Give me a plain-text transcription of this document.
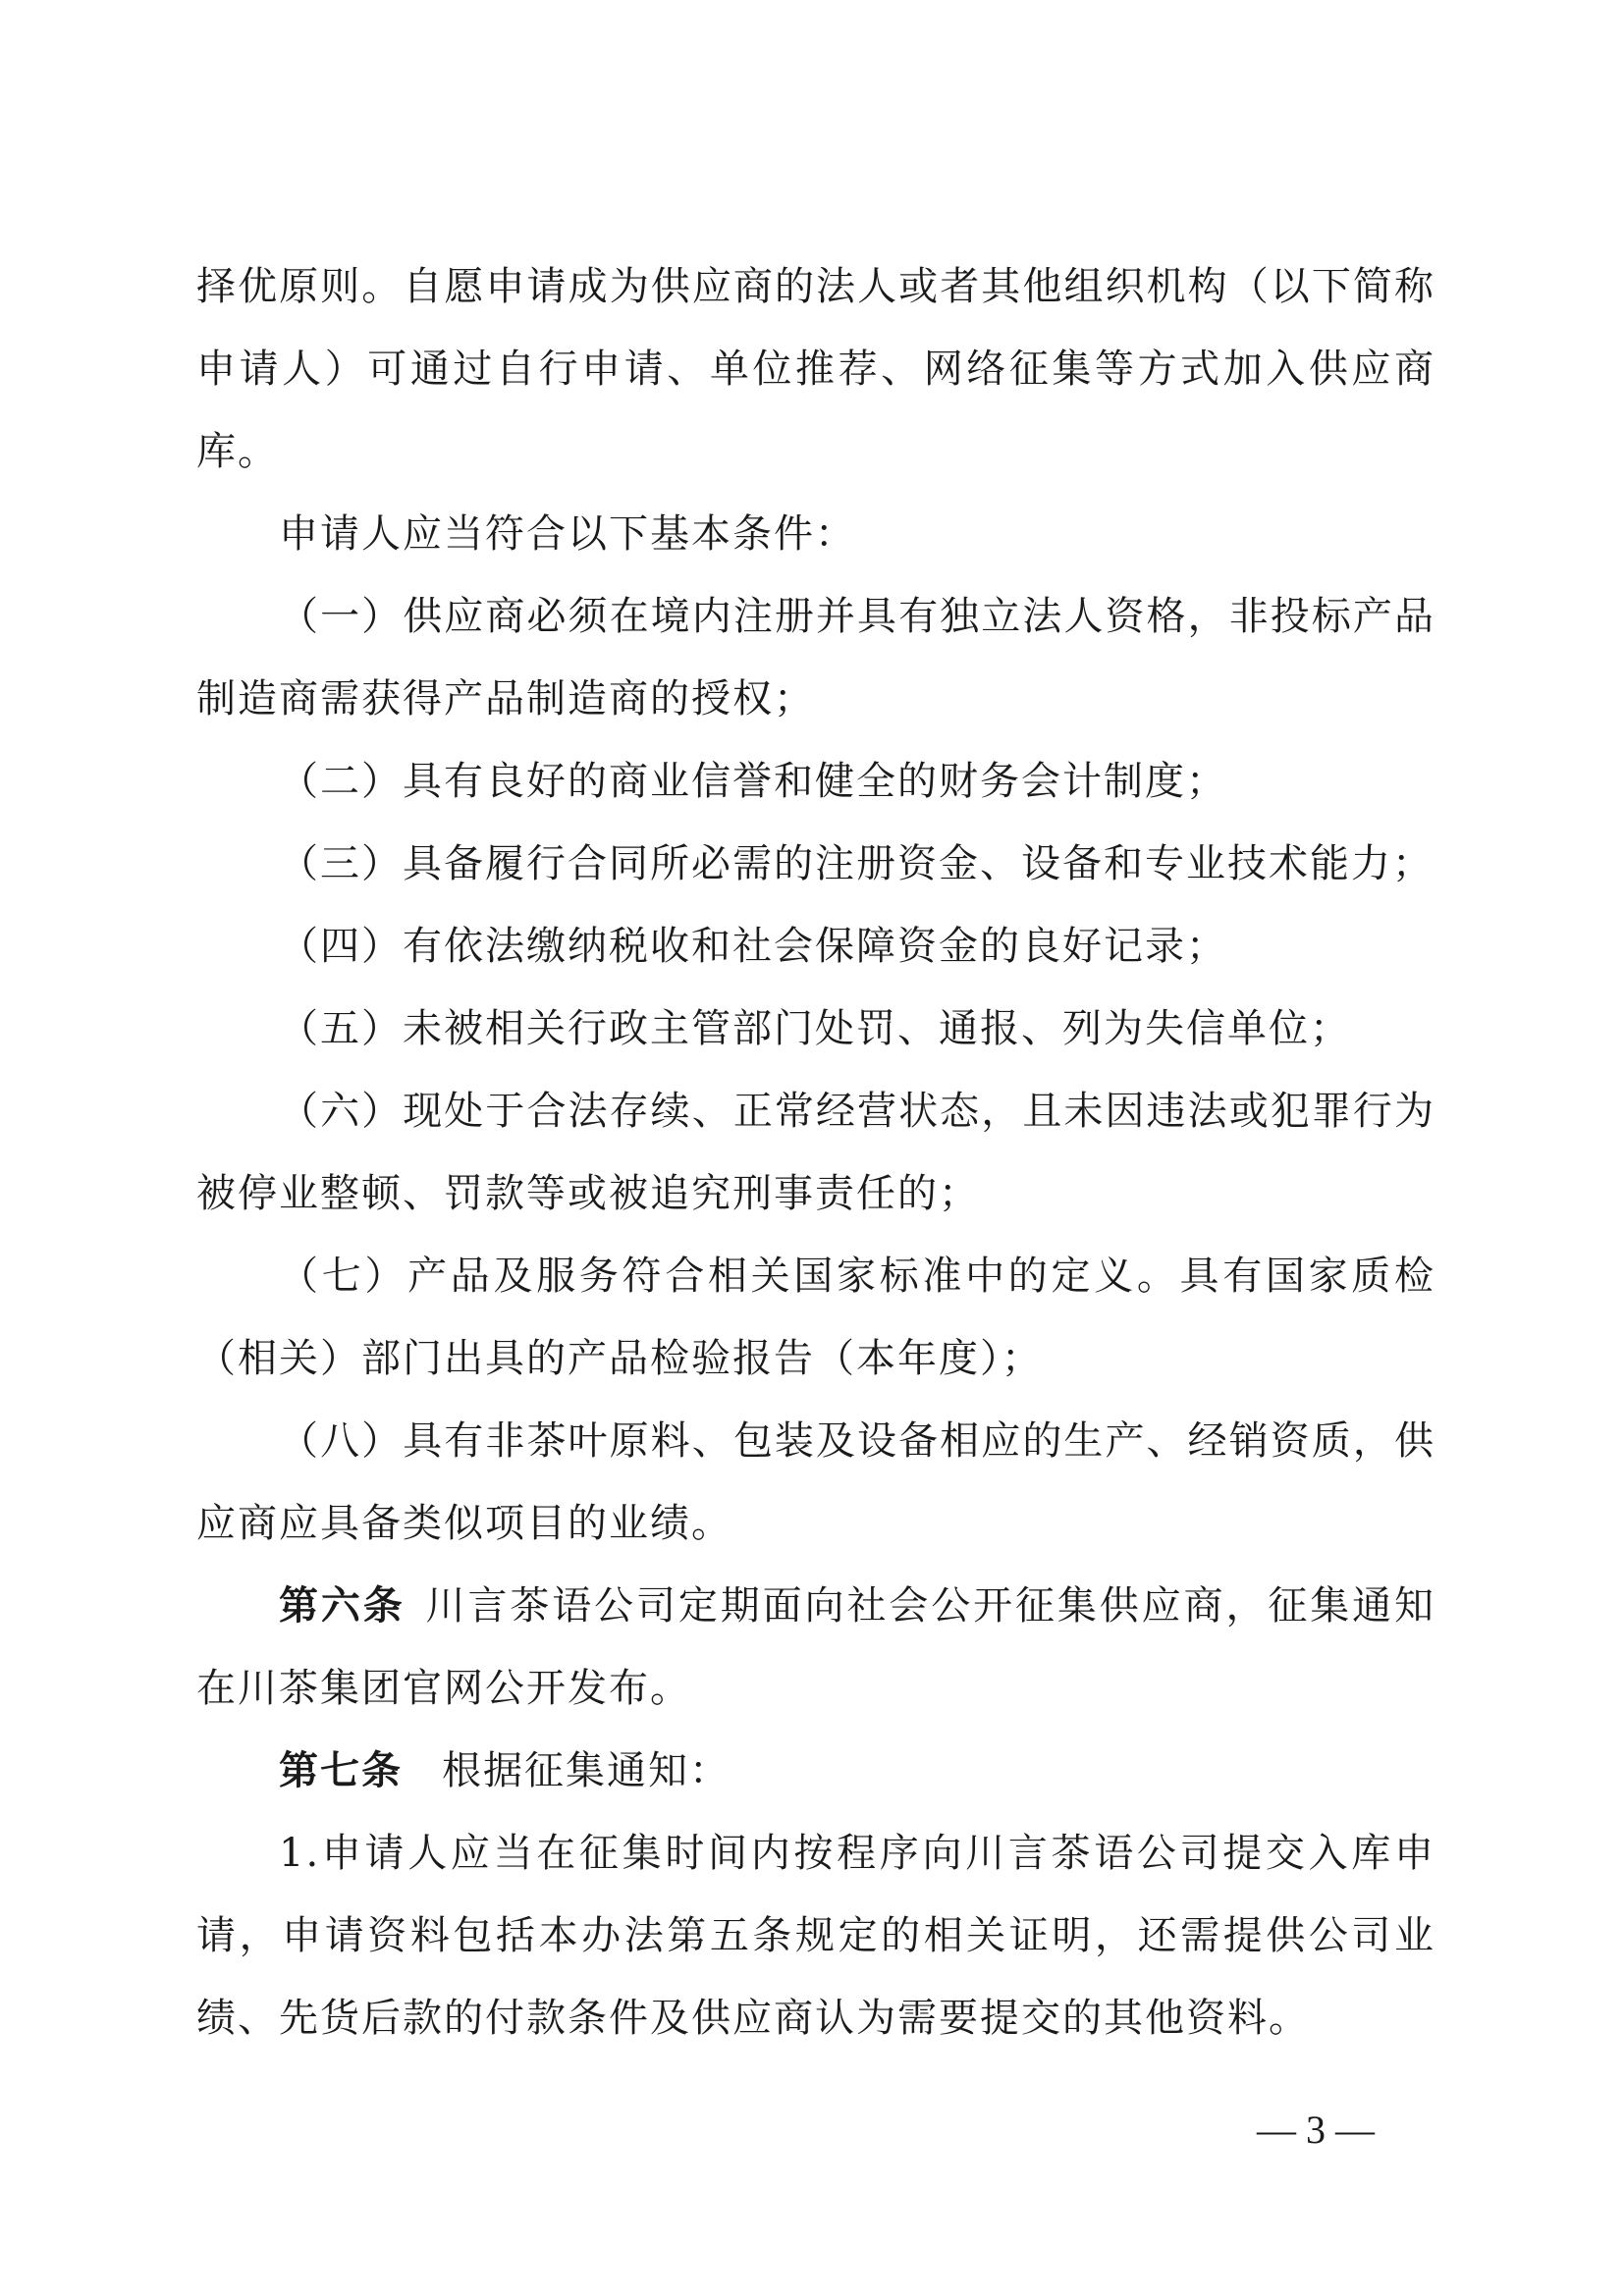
择优原则。自愿申请成为供应商的法人或者其他组织机构（以下简称申请人）可通过自行申请、单位推荐、网络征集等方式加入供应商库。

申请人应当符合以下基本条件：

（一）供应商必须在境内注册并具有独立法人资格，非投标产品制造商需获得产品制造商的授权；

（二）具有良好的商业信誉和健全的财务会计制度；

（三）具备履行合同所必需的注册资金、设备和专业技术能力；

（四）有依法缴纳税收和社会保障资金的良好记录；

（五）未被相关行政主管部门处罚、通报、列为失信单位；

（六）现处于合法存续、正常经营状态，且未因违法或犯罪行为被停业整顿、罚款等或被追究刑事责任的；

（七）产品及服务符合相关国家标准中的定义。具有国家质检（相关）部门出具的产品检验报告（本年度）；

（八）具有非茶叶原料、包装及设备相应的生产、经销资质，供应商应具备类似项目的业绩。

第六条 川言茶语公司定期面向社会公开征集供应商，征集通知在川茶集团官网公开发布。

第七条 根据征集通知：

1.申请人应当在征集时间内按程序向川言茶语公司提交入库申请，申请资料包括本办法第五条规定的相关证明，还需提供公司业绩、先货后款的付款条件及供应商认为需要提交的其他资料。

— 3 —
